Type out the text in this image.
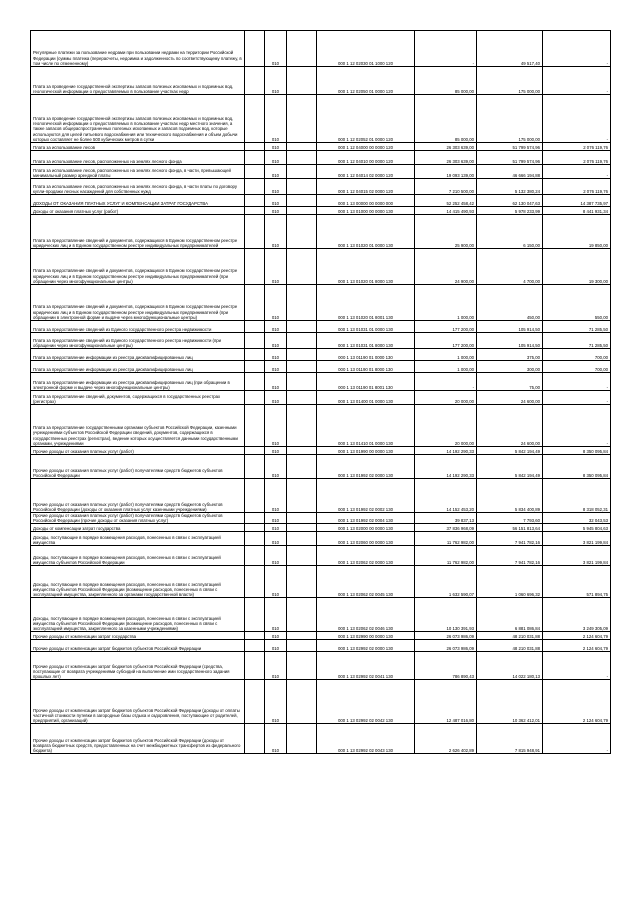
Регулярные платежи за пользование недрами при пользовании недрами на территории Российской Федерации (суммы платежа (перерасчеты, недоимка и задолженность по соответствующему платежу, в том числе по отмененному)		010		000 1 12 02030 01 1000 120	-	49 517,40	-
Плата за проведение государственной экспертизы запасов полезных ископаемых и подземных вод, геологической информации о предоставляемых в пользование участках недр		010		000 1 12 02050 01 0000 120	85 000,00	175 000,00	-
Плата за проведение государственной экспертизы запасов полезных ископаемых и подземных вод, геологической информации о предоставляемых в пользование участках недр местного значения, а также запасов общераспространенных полезных ископаемых и запасов подземных вод, которые используются для целей питьевого водоснабжения или технического водоснабжения и объем добычи которых составляет не более 500 кубических метров в сутки		010		000 1 12 02052 01 0000 120	85 000,00	175 000,00	-
Плата за использование лесов		010		000 1 12 04000 00 0000 120	26 303 639,00	51 799 574,96	2 076 119,76
Плата за использование лесов, расположенных на землях лесного фонда		010		000 1 12 04010 00 0000 120	26 303 639,00	51 799 574,96	2 076 119,76
Плата за использование лесов, расположенных на землях лесного фонда, в части, превышающей минимальный размер арендной платы		010		000 1 12 04014 02 0000 120	19 093 139,00	46 666 194,88	-
Плата за использование лесов, расположенных на землях лесного фонда, в части платы по договору купли-продажи лесных насаждений для собственных нужд		010		000 1 12 04015 02 0000 120	7 210 500,00	5 132 380,24	2 076 119,76
ДОХОДЫ ОТ ОКАЗАНИЯ ПЛАТНЫХ УСЛУГ И КОМПЕНСАЦИИ ЗАТРАТ ГОСУДАРСТВА		010		000 1 13 00000 00 0000 000	52 252 458,42	62 130 047,63	14 387 735,97
Доходы от оказания платных услуг (работ)		010		000 1 13 01000 00 0000 130	14 415 490,93	5 978 233,99	8 441 931,34
Плата за предоставление сведений и документов, содержащихся в Едином государственном реестре юридических лиц и в Едином государственном реестре индивидуальных предпринимателей		010		000 1 13 01020 01 0000 130	25 900,00	6 150,00	19 850,00
Плата за предоставление сведений и документов, содержащихся в Едином государственном реестре юридических лиц и в Едином государственном реестре индивидуальных предпринимателей (при обращении через многофункциональные центры)		010		000 1 13 01020 01 8000 130	24 900,00	4 700,00	19 300,00
Плата за предоставление сведений и документов, содержащихся в Едином государственном реестре юридических лиц и в Едином государственном реестре индивидуальных предпринимателей (при обращении в электронной форме и выдаче через многофункциональные центры)		010		000 1 13 01020 01 8001 130	1 000,00	450,00	550,00
Плата за предоставление сведений из Единого государственного реестра недвижимости		010		000 1 13 01031 01 0000 130	177 200,00	105 914,50	71 285,50
Плата за предоставление сведений из Единого государственного реестра недвижимости (при обращении через многофункциональные центры)		010		000 1 13 01031 01 8000 130	177 200,00	105 914,50	71 285,50
Плата за предоставление информации из реестра дисквалифицированных лиц		010		000 1 13 01190 01 0000 130	1 000,00	375,00	700,00
Плата за предоставление информации из реестра дисквалифицированных лиц		010		000 1 13 01190 01 8000 130	1 000,00	300,00	700,00
Плата за предоставление информации из реестра дисквалифицированных лиц (при обращении в электронной форме и выдаче через многофункциональные центры)		010		000 1 13 01190 01 8001 130	-	75,00	-
Плата за предоставление сведений, документов, содержащихся в государственных реестрах (регистрах)		010		000 1 13 01400 01 0000 130	20 000,00	24 600,00	-
Плата за предоставление государственными органами субъектов Российской Федерации, казенными учреждениями субъектов Российской Федерации сведений, документов, содержащихся в государственных реестрах (регистрах), ведение которых осуществляется данными государственными органами, учреждениями		010		000 1 13 01410 01 0000 130	20 000,00	24 600,00	-
Прочие доходы от оказания платных услуг (работ)		010		000 1 13 01990 00 0000 130	14 192 290,33	5 842 194,49	8 350 095,84
Прочие доходы от оказания платных услуг (работ) получателями средств бюджетов субъектов Российской Федерации		010		000 1 13 01992 02 0000 130	14 192 290,33	5 842 194,49	8 350 095,84
Прочие доходы от оказания платных услуг (работ) получателями средств бюджетов субъектов Российской Федерации (доходы от оказания платных услуг казенными учреждениями)		010		000 1 13 01992 02 0002 130	14 152 453,20	5 834 400,89	8 318 052,31
Прочие доходы от оказания платных услуг (работ) получателями средств бюджетов субъектов Российской Федерации (прочие доходы от оказания платных услуг)		010		000 1 13 01992 02 0004 130	39 837,13	7 793,60	32 043,53
Доходы от компенсации затрат государства		010		000 1 13 02000 00 0000 130	37 836 968,09	56 151 813,64	5 945 804,63
Доходы, поступающие в порядке возмещения расходов, понесенных в связи с эксплуатацией имущества		010		000 1 13 02060 00 0000 130	11 762 982,00	7 941 782,16	3 821 199,84
Доходы, поступающие в порядке возмещения расходов, понесенных в связи с эксплуатацией имущества субъектов Российской Федерации		010		000 1 13 02062 02 0000 130	11 762 982,00	7 941 782,16	3 821 199,84
Доходы, поступающие в порядке возмещения расходов, понесенных в связи с эксплуатацией имущества субъектов Российской Федерации (возмещение расходов, понесенных в связи с эксплуатацией имущества, закрепленного за органами государственной власти)		010		000 1 13 02062 02 0045 130	1 632 590,07	1 060 696,32	571 894,75
Доходы, поступающие в порядке возмещения расходов, понесенных в связи с эксплуатацией имущества субъектов Российской Федерации (возмещение расходов, понесенных в связи с эксплуатацией имущества, закрепленного за казенными учреждениями)		010		000 1 13 02062 02 0046 130	10 130 391,93	6 881 086,84	3 249 305,09
Прочие доходы от компенсации затрат государства		010		000 1 13 02990 00 0000 130	26 073 986,09	48 210 031,88	2 124 604,79
Прочие доходы от компенсации затрат бюджетов субъектов Российской Федерации		010		000 1 13 02992 02 0000 130	26 073 986,09	48 210 031,88	2 124 604,79
Прочие доходы от компенсации затрат бюджетов субъектов Российской Федерации (средства, поступающие от возврата учреждениями субсидий на выполнение ими государственного задания прошлых лет)		010		000 1 13 02992 02 0041 130	786 890,43	14 022 180,13	-
Прочие доходы от компенсации затрат бюджетов субъектов Российской Федерации (доходы от оплаты частичной стоимости путевки в загородные базы отдыха и оздоровления, поступающие от родителей, предприятий, организаций)		010		000 1 13 02992 02 0042 130	12 487 016,80	10 362 412,01	2 124 604,79
Прочие доходы от компенсации затрат бюджетов субъектов Российской Федерации (доходы от возврата бюджетных средств, предоставленных на счет межбюджетных трансфертов из федерального бюджета)		010		000 1 13 02992 02 0043 130	2 626 402,89	7 815 948,91	-
